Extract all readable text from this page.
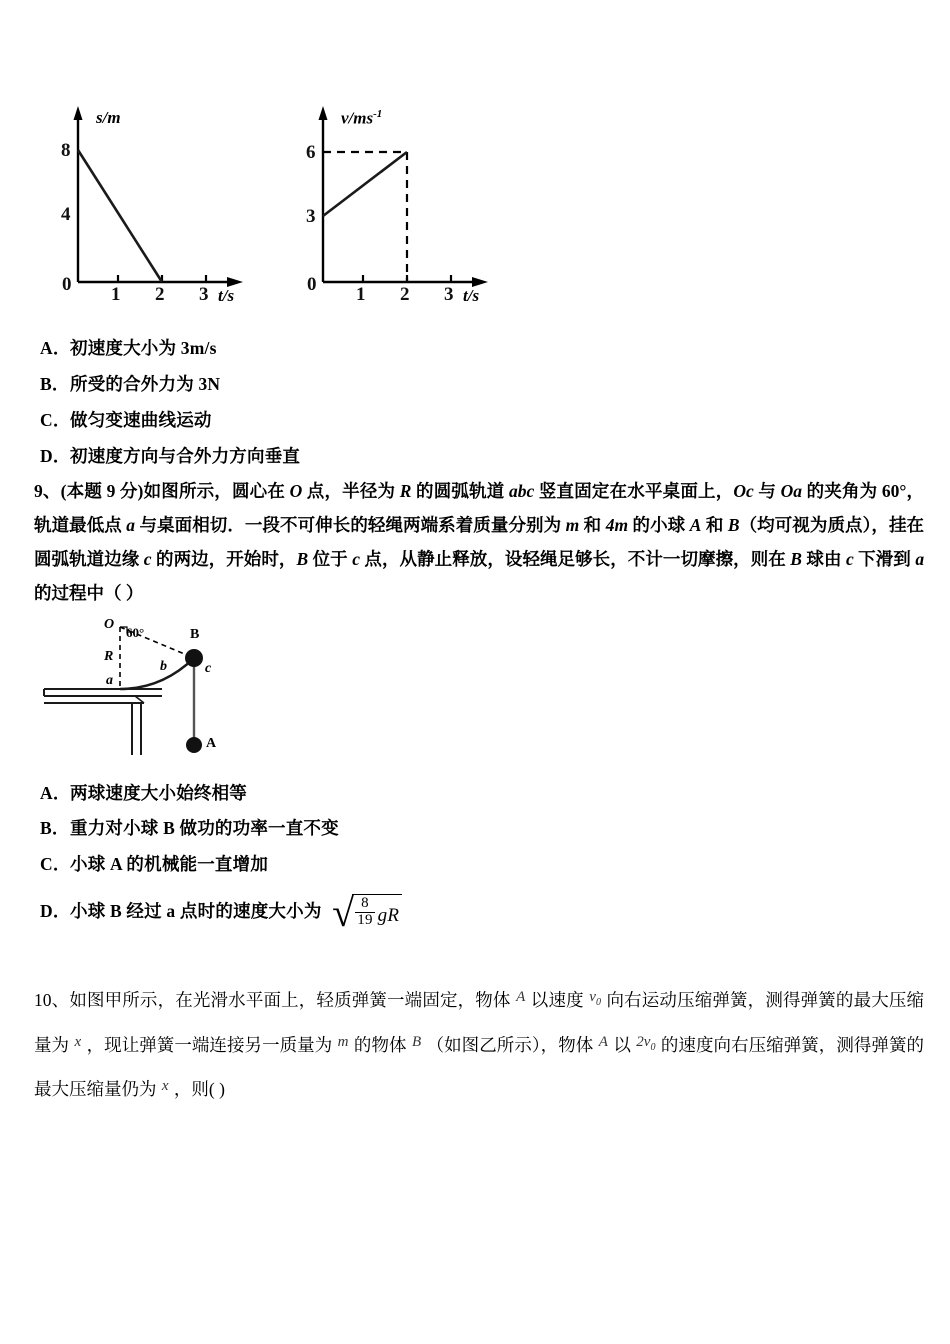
s/m
0
8
4
1 2 3 t/s
$v/ms^{-1}$
0
6
3
1 2 3 t/s
A．初速度大小为 3m/s
B．所受的合外力为 3N
C．做匀变速曲线运动
D．初速度方向与合外力方向垂直
9、(本题 9 分)如图所示，圆心在 O 点，半径为 R 的圆弧轨道 abc 竖直固定在水平桌面上，Oc 与 Oa 的夹角为 60°，轨道最低点 a 与桌面相切．一段不可伸长的轻绳两端系着质量分别为 m 和 4m 的小球 A 和 B（均可视为质点），挂在圆弧轨道边缘 c 的两边，开始时，B 位于 c 点，从静止释放，设轻绳足够长，不计一切摩擦，则在 B 球由 c 下滑到 a 的过程中（ ）
O
60°
R
a
b	c
B
A
A．两球速度大小始终相等
B．重力对小球 B 做功的功率一直不变
C．小球 A 的机械能一直增加
D．小球 B 经过 a 点时的速度大小为 √ $\frac{8}{19}$ gR
10、如图甲所示，在光滑水平面上，轻质弹簧一端固定，物体 A 以速度 $v_0$ 向右运动压缩弹簧，测得弹簧的最大压缩量为 x ，现让弹簧一端连接另一质量为 m 的物体 B （如图乙所示），物体 A 以 $2v_0$ 的速度向右压缩弹簧，测得弹簧的最大压缩量仍为 x ，则( )
